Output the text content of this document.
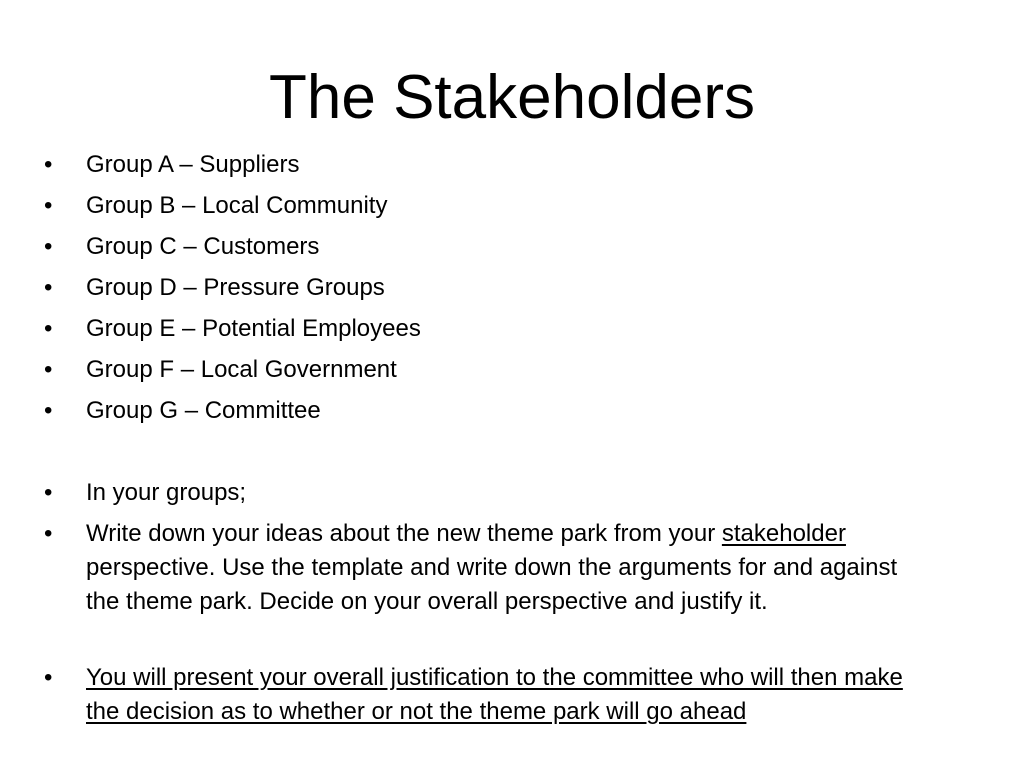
The Stakeholders
•	Group A – Suppliers
•	Group B – Local Community
•	Group C – Customers
•	Group D – Pressure Groups
•	Group E – Potential Employees
•	Group F – Local Government
•	Group G – Committee
•	In your groups;
•	Write down your ideas about the new theme park from your stakeholder perspective. Use the template and write down the arguments for and against the theme park. Decide on your overall perspective and justify it.
•	You will present your overall justification to the committee who will then make the decision as to whether or not the theme park will go ahead
